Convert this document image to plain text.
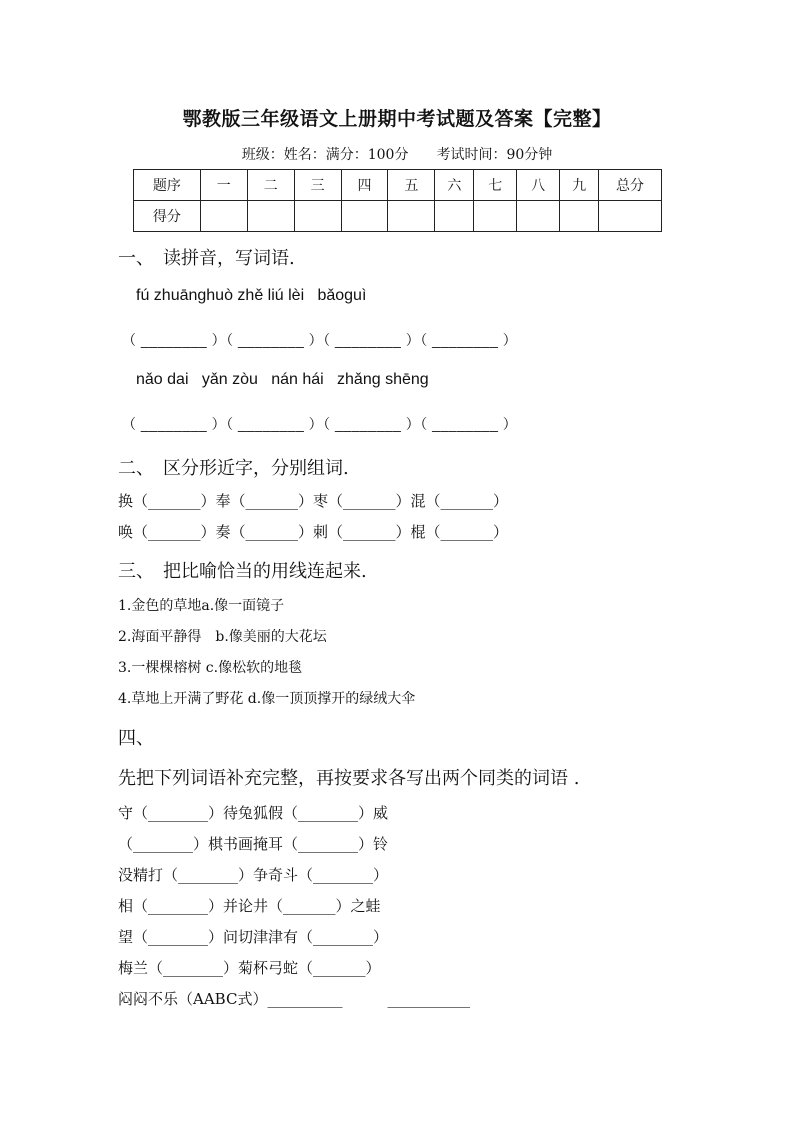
鄂教版三年级语文上册期中考试题及答案【完整】
班级：姓名：满分：100分　　考试时间：90分钟
题序	一	二	三	四	五	六	七	八	九	总分
得分										
一、　读拼音，写词语.
fú zhuānghuò zhě liú lèi   bǎoguì
（ ________ ）（ ________ ）（ ________ ）（ ________ ）
nǎo dai   yǎn zòu   nán hái   zhǎng shēng
（ ________ ）（ ________ ）（ ________ ）（ ________ ）
二、　区分形近字，分别组词.
换（_______）奉（_______）枣（_______）混（_______）
唤（_______）奏（_______）刺（_______）棍（_______）
三、　把比喻恰当的用线连起来.
1.金色的草地a.像一面镜子
2.海面平静得　b.像美丽的大花坛
3.一棵棵榕树 c.像松软的地毯
4.草地上开满了野花 d.像一顶顶撑开的绿绒大伞
四、
先把下列词语补充完整，再按要求各写出两个同类的词语 .
守（________）待兔狐假（________）威
（________）棋书画掩耳（________）铃
没精打（________）争奇斗（________）
相（________）并论井（_______）之蛙
望（________）问切津津有（________）
梅兰（________）菊杯弓蛇（_______）
闷闷不乐（AABC式）__________　　　___________
